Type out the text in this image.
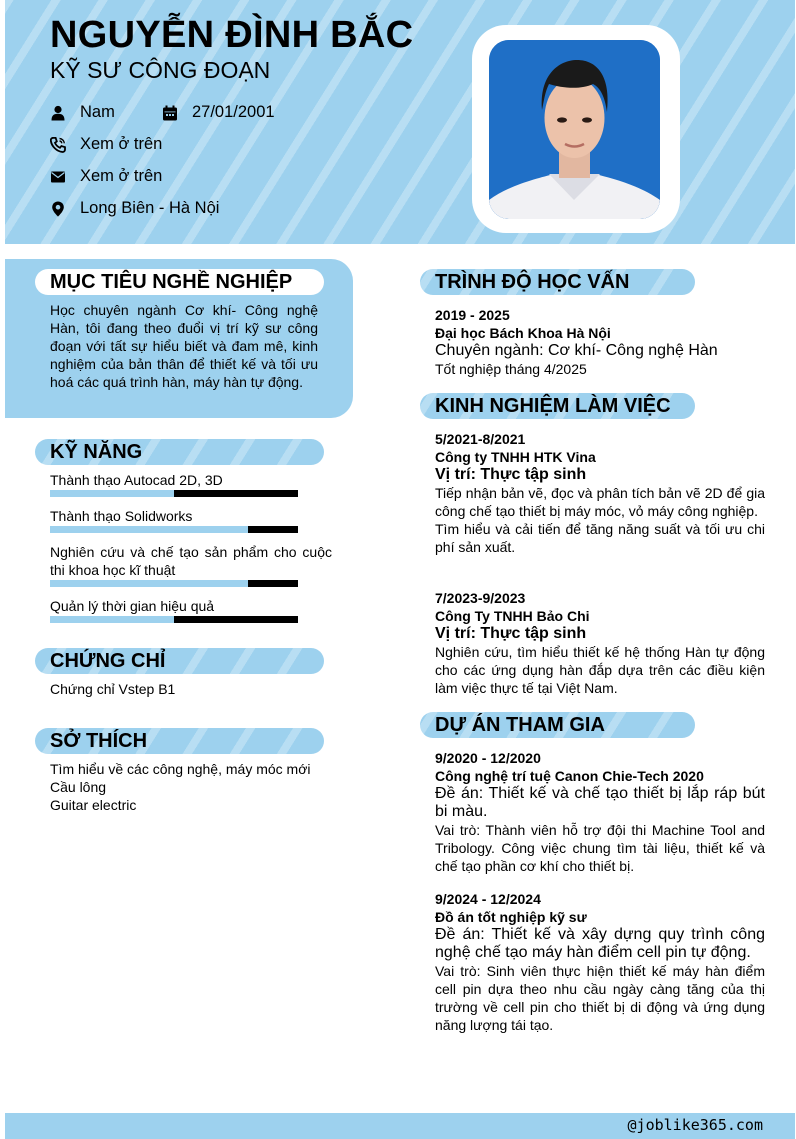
NGUYỄN ĐÌNH BẮC
KỸ SƯ CÔNG ĐOẠN
Nam	27/01/2001
Xem ở trên
Xem ở trên
Long Biên - Hà Nội
MỤC TIÊU NGHỀ NGHIỆP
Học chuyên ngành Cơ khí- Công nghệ Hàn, tôi đang theo đuổi vị trí kỹ sư công đoạn với tất sự hiểu biết và đam mê, kinh nghiệm của bản thân để thiết kế và tối ưu hoá các quá trình hàn, máy hàn tự động.
KỸ NĂNG
Thành thạo Autocad 2D, 3D
Thành thạo Solidworks
Nghiên cứu và chế tạo sản phẩm cho cuộc thi khoa học kĩ thuật
Quản lý thời gian hiệu quả
CHỨNG CHỈ
Chứng chỉ Vstep B1
SỞ THÍCH
Tìm hiểu về các công nghệ, máy móc mới
Cầu lông
Guitar electric
TRÌNH ĐỘ HỌC VẤN
2019 - 2025
Đại học Bách Khoa Hà Nội
Chuyên ngành: Cơ khí- Công nghệ Hàn
Tốt nghiệp tháng 4/2025
KINH NGHIỆM LÀM VIỆC
5/2021-8/2021
Công ty TNHH HTK Vina
Vị trí: Thực tập sinh
Tiếp nhận bản vẽ, đọc và phân tích bản vẽ 2D để gia công chế tạo thiết bị máy móc, vỏ máy công nghiệp.
Tìm hiểu và cải tiến để tăng năng suất và tối ưu chi phí sản xuất.
7/2023-9/2023
Công Ty TNHH Bảo Chi
Vị trí: Thực tập sinh
Nghiên cứu, tìm hiểu thiết kế hệ thống Hàn tự động cho các ứng dụng hàn đắp dựa trên các điều kiện làm việc thực tế tại Việt Nam.
DỰ ÁN THAM GIA
9/2020 - 12/2020
Công nghệ trí tuệ Canon Chie-Tech 2020
Đề án: Thiết kế và chế tạo thiết bị lắp ráp bút bi màu.
Vai trò: Thành viên hỗ trợ đội thi Machine Tool and Tribology. Công việc chung tìm tài liệu, thiết kế và chế tạo phần cơ khí cho thiết bị.
9/2024 - 12/2024
Đồ án tốt nghiệp kỹ sư
Đề án: Thiết kế và xây dựng quy trình công nghệ chế tạo máy hàn điểm cell pin tự động.
Vai trò: Sinh viên thực hiện thiết kế máy hàn điểm cell pin dựa theo nhu cầu ngày càng tăng của thị trường về cell pin cho thiết bị di động và ứng dụng năng lượng tái tạo.
@joblike365.com
